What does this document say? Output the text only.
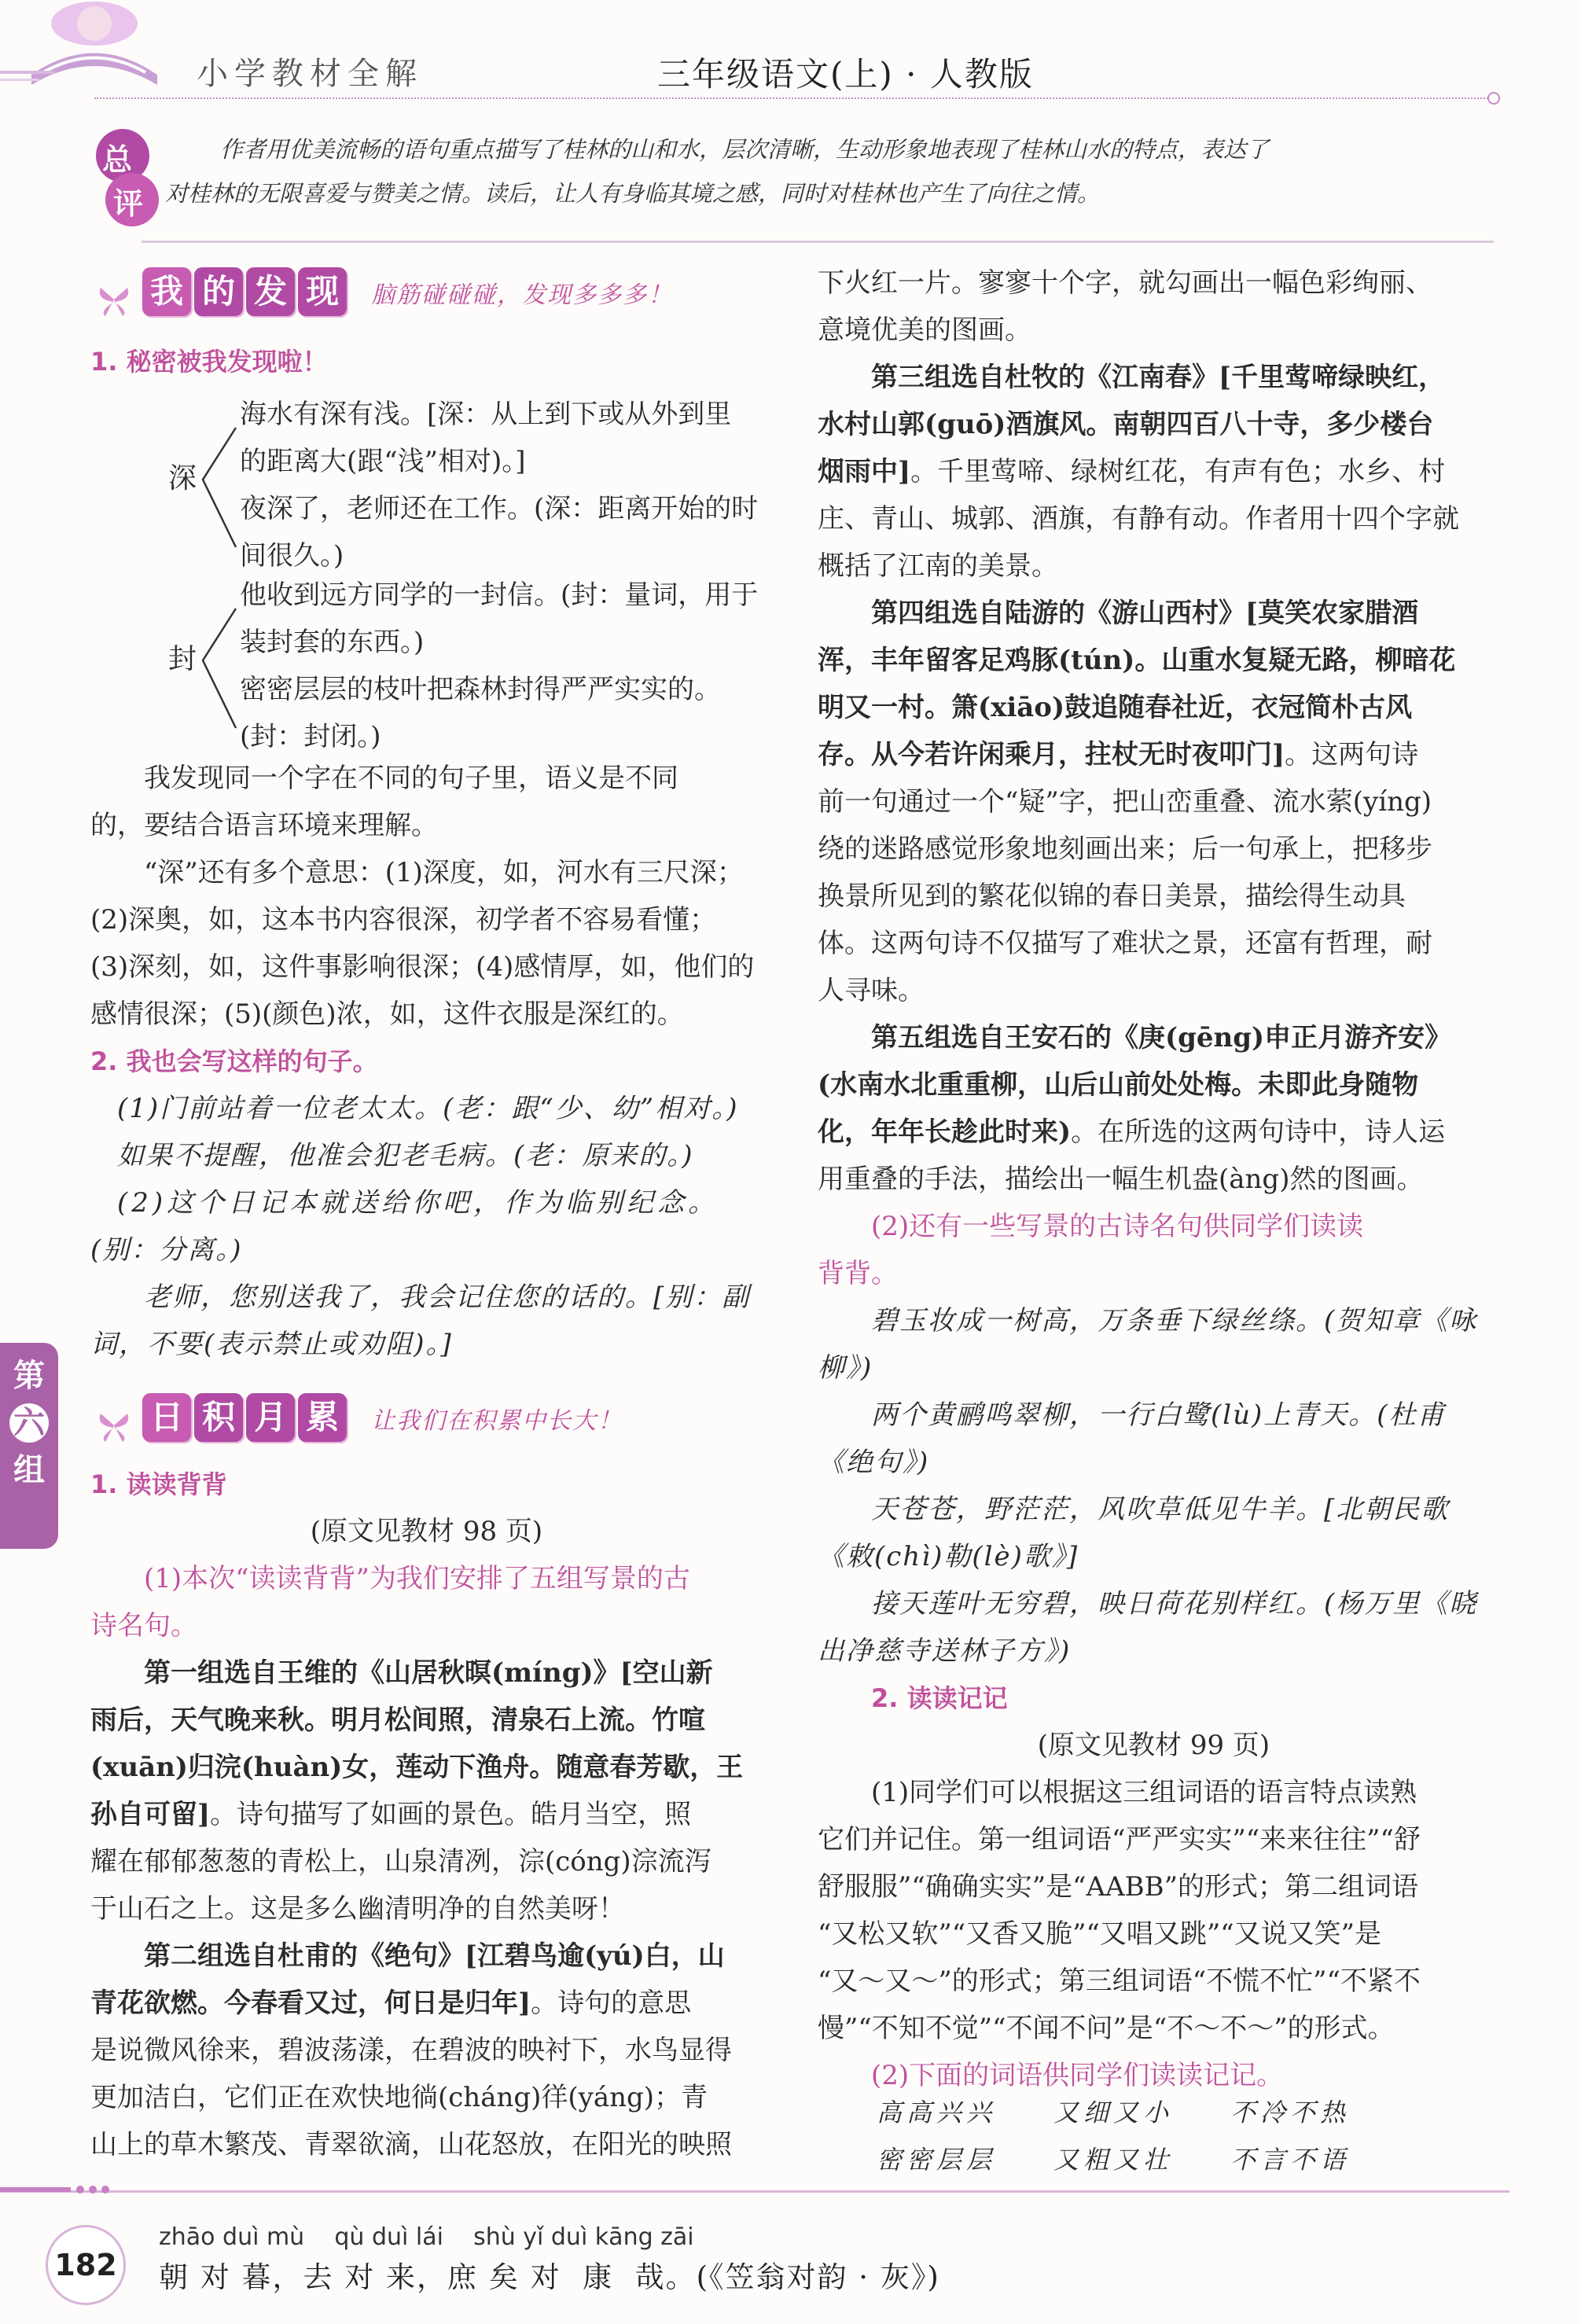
小学教材全解	三年级语文(上) · 人教版
总
评
作者用优美流畅的语句重点描写了桂林的山和水，层次清晰，生动形象地表现了桂林山水的特点，表达了
对桂林的无限喜爱与赞美之情。读后，让人有身临其境之感，同时对桂林也产生了向往之情。
我 的 发 现 脑筋碰碰碰，发现多多多！

1. 秘密被我发现啦！

海水有深有浅。[深：从上到下或从外到里

的距离大(跟“浅”相对)。]

夜深了，老师还在工作。(深：距离开始的时

间很久。)

深

他收到远方同学的一封信。(封：量词，用于

装封套的东西。)

密密层层的枝叶把森林封得严严实实的。

(封：封闭。)

封

我发现同一个字在不同的句子里，语义是不同

的，要结合语言环境来理解。

“深”还有多个意思：(1)深度，如，河水有三尺深；

(2)深奥，如，这本书内容很深，初学者不容易看懂；

(3)深刻，如，这件事影响很深；(4)感情厚，如，他们的

感情很深；(5)(颜色)浓，如，这件衣服是深红的。

2. 我也会写这样的句子。

(1)门前站着一位老太太。(老：跟“少、幼”相对。)

如果不提醒，他准会犯老毛病。(老：原来的。)

(2)这个日记本就送给你吧，作为临别纪念。

(别：分离。)

老师，您别送我了，我会记住您的话的。[别：副

词，不要(表示禁止或劝阻)。]

日 积 月 累 让我们在积累中长大！

1. 读读背背

(原文见教材 98 页)

(1)本次“读读背背”为我们安排了五组写景的古

诗名句。

第一组选自王维的《山居秋暝(míng)》[空山新

雨后，天气晚来秋。明月松间照，清泉石上流。竹喧

(xuān)归浣(huàn)女，莲动下渔舟。随意春芳歇，王

孙自可留]。诗句描写了如画的景色。皓月当空，照

耀在郁郁葱葱的青松上，山泉清冽，淙(cóng)淙流泻

于山石之上。这是多么幽清明净的自然美呀！

第二组选自杜甫的《绝句》[江碧鸟逾(yú)白，山

青花欲燃。今春看又过，何日是归年]。诗句的意思

是说微风徐来，碧波荡漾，在碧波的映衬下，水鸟显得

更加洁白，它们正在欢快地徜(cháng)徉(yáng)；青

山上的草木繁茂、青翠欲滴，山花怒放，在阳光的映照

下火红一片。寥寥十个字，就勾画出一幅色彩绚丽、

意境优美的图画。

第三组选自杜牧的《江南春》[千里莺啼绿映红，

水村山郭(guō)酒旗风。南朝四百八十寺，多少楼台

烟雨中]。千里莺啼、绿树红花，有声有色；水乡、村

庄、青山、城郭、酒旗，有静有动。作者用十四个字就

概括了江南的美景。

第四组选自陆游的《游山西村》[莫笑农家腊酒

浑，丰年留客足鸡豚(tún)。山重水复疑无路，柳暗花

明又一村。箫(xiāo)鼓追随春社近，衣冠简朴古风

存。从今若许闲乘月，拄杖无时夜叩门]。这两句诗

前一句通过一个“疑”字，把山峦重叠、流水萦(yíng)

绕的迷路感觉形象地刻画出来；后一句承上，把移步

换景所见到的繁花似锦的春日美景，描绘得生动具

体。这两句诗不仅描写了难状之景，还富有哲理，耐

人寻味。

第五组选自王安石的《庚(gēng)申正月游齐安》

(水南水北重重柳，山后山前处处梅。未即此身随物

化，年年长趁此时来)。在所选的这两句诗中，诗人运

用重叠的手法，描绘出一幅生机盎(àng)然的图画。

(2)还有一些写景的古诗名句供同学们读读

背背。

碧玉妆成一树高，万条垂下绿丝绦。(贺知章《咏

柳》)

两个黄鹂鸣翠柳，一行白鹭(lù)上青天。(杜甫

《绝句》)

天苍苍，野茫茫，风吹草低见牛羊。[北朝民歌

《敕(chì)勒(lè)歌》]

接天莲叶无穷碧，映日荷花别样红。(杨万里《晓

出净慈寺送林子方》)

2. 读读记记

(原文见教材 99 页)

(1)同学们可以根据这三组词语的语言特点读熟

它们并记住。第一组词语“严严实实”“来来往往”“舒

舒服服”“确确实实”是“AABB”的形式；第二组词语

“又松又软”“又香又脆”“又唱又跳”“又说又笑”是

“又～又～”的形式；第三组词语“不慌不忙”“不紧不

慢”“不知不觉”“不闻不问”是“不～不～”的形式。

(2)下面的词语供同学们读读记记。

高高兴兴 又细又小 不冷不热
密密层层 又粗又壮 不言不语
第
六
组
182
zhāo duì mù    qù duì lái    shù yǐ duì kāng zāi
朝 对 暮，去 对 来，庶 矣 对  康  哉。(《笠翁对韵 · 灰》)
